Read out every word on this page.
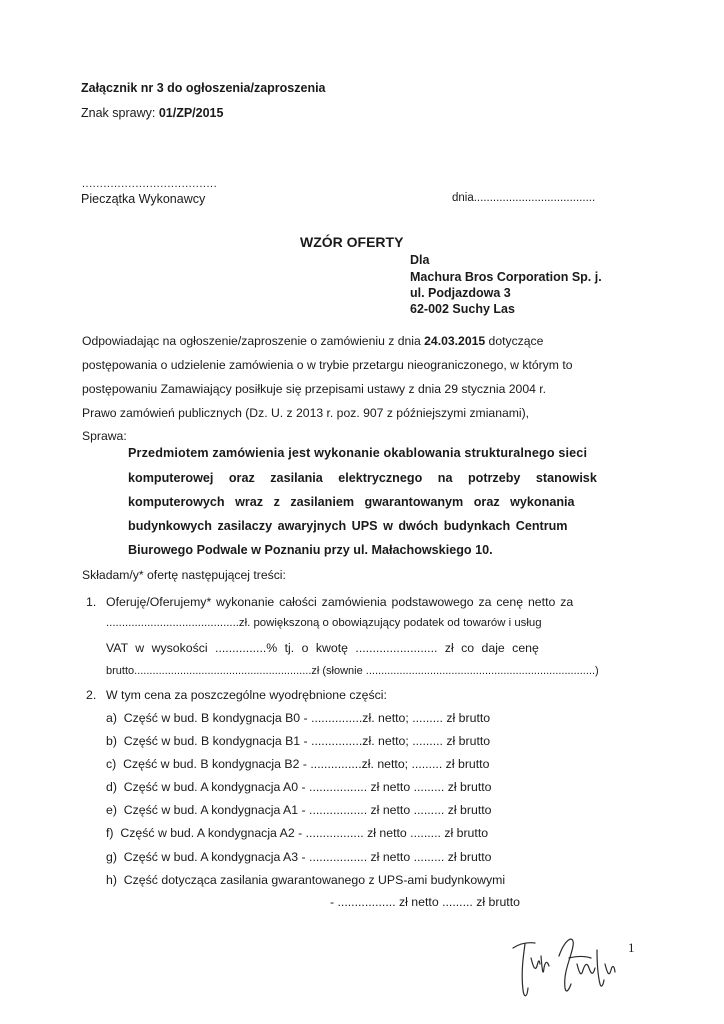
Załącznik nr 3 do ogłoszenia/zaproszenia
Znak sprawy: 01/ZP/2015
......................................
Pieczątka Wykonawcy	dnia......................................
WZÓR OFERTY
Dla
Machura Bros Corporation Sp. j.
ul. Podjazdowa 3
62-002 Suchy Las
Odpowiadając na ogłoszenie/zaproszenie o zamówieniu z dnia 24.03.2015 dotyczące
postępowania o udzielenie zamówienia o w trybie przetargu nieograniczonego, w którym to
postępowaniu Zamawiający posiłkuje się przepisami ustawy z dnia 29 stycznia 2004 r.
Prawo zamówień publicznych (Dz. U. z 2013 r. poz. 907 z późniejszymi zmianami),
Sprawa:
Przedmiotem zamówienia jest wykonanie okablowania strukturalnego sieci
komputerowej oraz zasilania elektrycznego na potrzeby stanowisk
komputerowych wraz z zasilaniem gwarantowanym oraz wykonania
budynkowych zasilaczy awaryjnych UPS w dwóch budynkach Centrum
Biurowego Podwale w Poznaniu przy ul. Małachowskiego 10.
Składam/y* ofertę następującej treści:
1. Oferuję/Oferujemy* wykonanie całości zamówienia podstawowego za cenę netto za
..........................................zł. powiększoną o obowiązujący podatek od towarów i usług
VAT w wysokości ...............% tj. o kwotę ........................ zł co daje cenę
brutto..........................................................zł (słownie ...........................................................................)
2. W tym cena za poszczególne wyodrębnione części:
a) Część w bud. B kondygnacja B0 - ...............zł. netto; ......... zł brutto
b) Część w bud. B kondygnacja B1 - ...............zł. netto; ......... zł brutto
c) Część w bud. B kondygnacja B2 - ...............zł. netto; ......... zł brutto
d) Część w bud. A kondygnacja A0 - ................. zł netto ......... zł brutto
e) Część w bud. A kondygnacja A1 - ................. zł netto ......... zł brutto
f) Część w bud. A kondygnacja A2 - ................. zł netto ......... zł brutto
g) Część w bud. A kondygnacja A3 - ................. zł netto ......... zł brutto
h) Część dotycząca zasilania gwarantowanego z UPS-ami budynkowymi
- ................. zł netto ......... zł brutto
1
